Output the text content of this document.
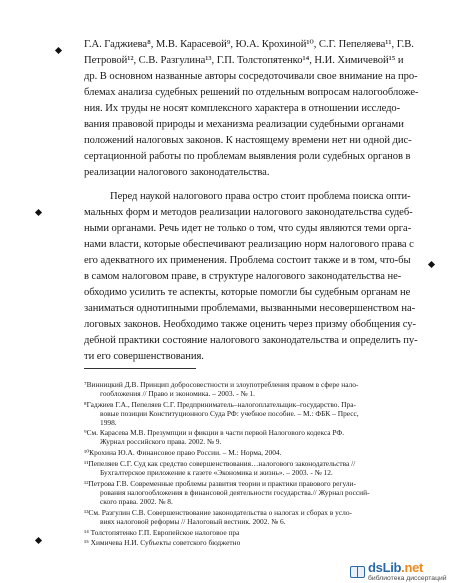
Г.А. Гаджиева⁸, М.В. Карасевой⁹, Ю.А. Крохиной¹⁰, С.Г. Пепеляева¹¹, Г.В.
Петровой¹², С.В. Разгулина¹³, Г.П. Толстопятенко¹⁴, Н.И. Химичевой¹⁵ и
др. В основном названные авторы сосредоточивали свое внимание на про-
блемах анализа судебных решений по отдельным вопросам налогообложе-
ния. Их труды не носят комплексного характера в отношении исследо-
вания правовой природы и механизма реализации судебными органами
положений налоговых законов. К настоящему времени нет ни одной дис-
сертационной работы по проблемам выявления роли судебных органов в
реализации налогового законодательства.
Перед наукой налогового права остро стоит проблема поиска опти-
мальных форм и методов реализации налогового законодательства судеб-
ными органами. Речь идет не только о том, что суды являются теми орга-
нами власти, которые обеспечивают реализацию норм налогового права с
его адекватного их применения. Проблема состоит также и в том, что-бы
в самом налоговом праве, в структуре налогового законодательства не-
обходимо усилить те аспекты, которые помогли бы судебным органам не
заниматься однотипными проблемами, вызванными несовершенством на-
логовых законов. Необходимо также оценить через призму обобщения су-
дебной практики состояние налогового законодательства и определить пу-
ти его совершенствования.
⁷Винницкий Д.В. Принцип добросовестности и злоупотребления правом в сфере нало-
гообложения // Право и экономика. – 2003. - № 1.
⁸Гаджиев Г.А., Пепеляев С.Г. Предприниматель–налогоплательщик–государство. Пра-
вовые позиции Конституционного Суда РФ: учебное пособие. – М.: ФБК – Пресс,
1998.
⁹См. Карасева М.В. Презумпции и фикции в части первой Налогового кодекса РФ.
Журнал российского права. 2002. № 9.
¹⁰Крохина Ю.А. Финансовое право России. – М.: Норма, 2004.
¹¹Пепеляев С.Г. Суд как средство совершенствования…налогового законодательства //
Бухгалтерское приложение к газете «Экономика и жизнь». – 2003. - № 12.
¹²Петрова Г.В. Современные проблемы развития теории и практики правового регули-
рования налогообложения в финансовой деятельности государства.// Журнал россий-
ского права. 2002. № 8.
¹³См. Разгулин С.В. Совершенствование законодательства о налогах и сборах в усло-
виях налоговой реформы // Налоговый вестник. 2002. № 6.
¹⁴ Толстопятенко Г.П. Европейское налоговое пра
¹⁵ Химичева Н.И. Субъекты советского бюджетно
dsLib.net
библиотека диссертаций
